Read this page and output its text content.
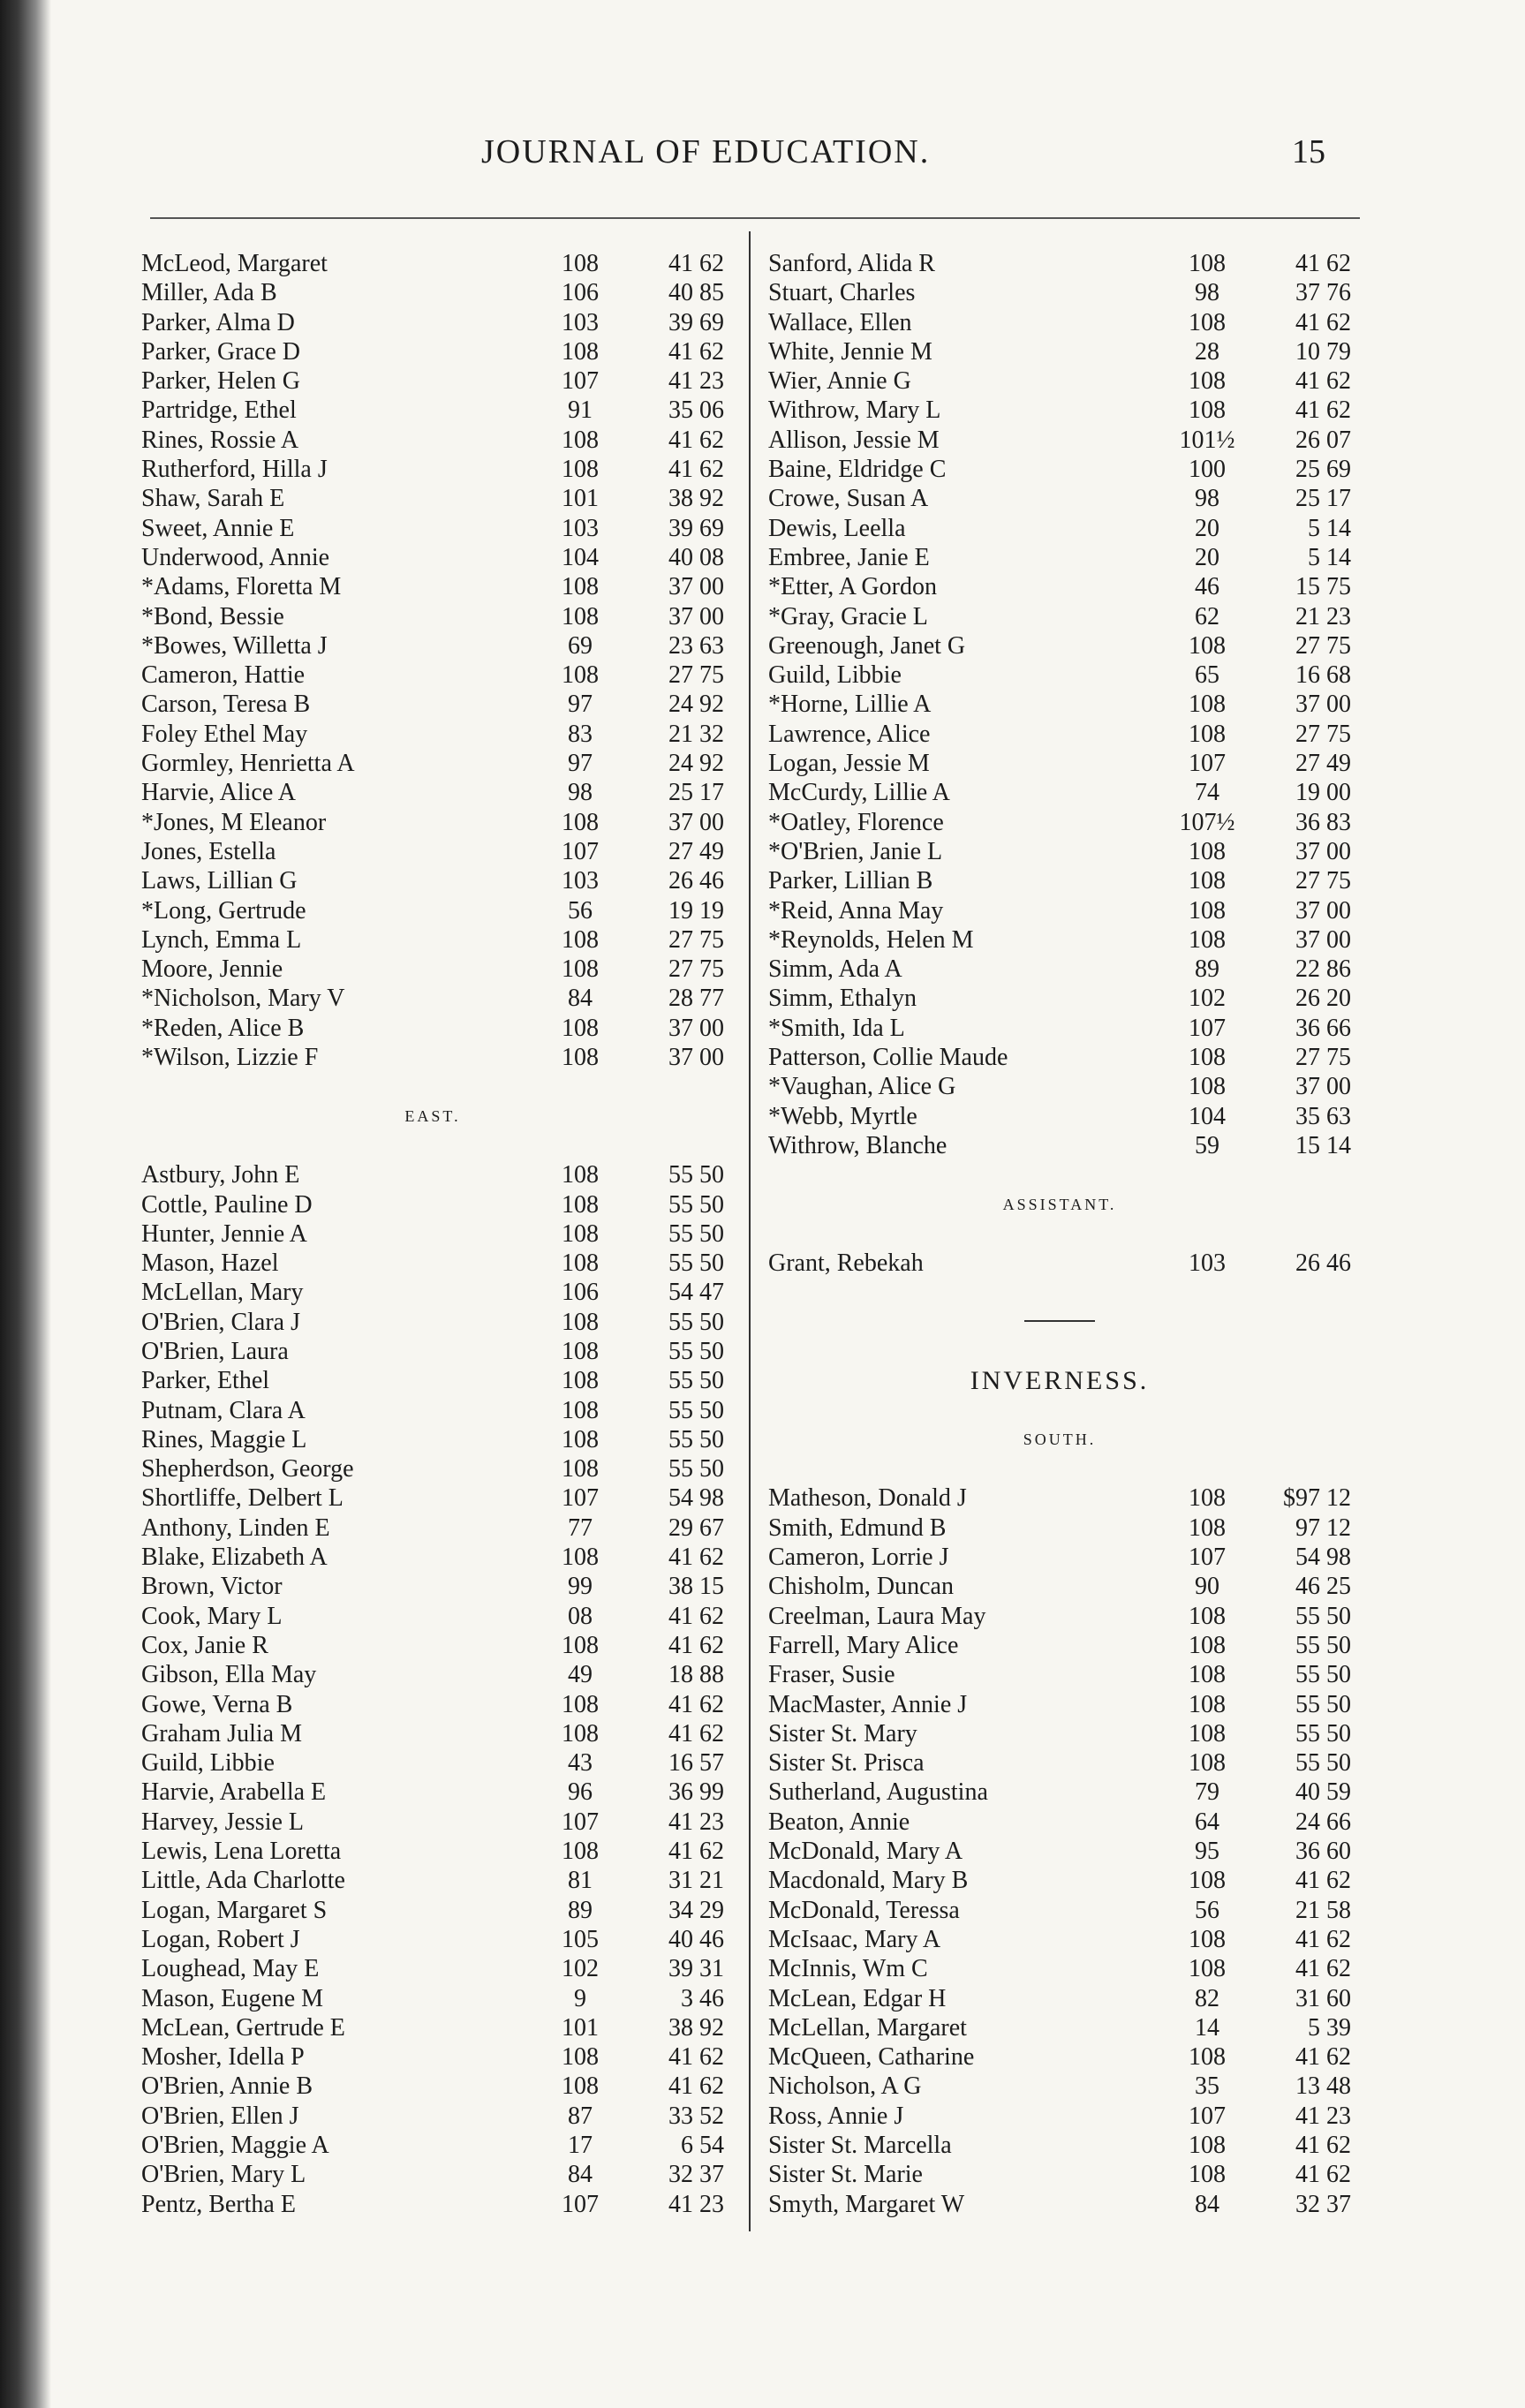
JOURNAL OF EDUCATION.	15
McLeod, Margaret	108	41 62
Miller, Ada B	106	40 85
Parker, Alma D	103	39 69
Parker, Grace D	108	41 62
Parker, Helen G	107	41 23
Partridge, Ethel	91	35 06
Rines, Rossie A	108	41 62
Rutherford, Hilla J	108	41 62
Shaw, Sarah E	101	38 92
Sweet, Annie E	103	39 69
Underwood, Annie	104	40 08
*Adams, Floretta M	108	37 00
*Bond, Bessie	108	37 00
*Bowes, Willetta J	69	23 63
Cameron, Hattie	108	27 75
Carson, Teresa B	97	24 92
Foley Ethel May	83	21 32
Gormley, Henrietta A	97	24 92
Harvie, Alice A	98	25 17
*Jones, M Eleanor	108	37 00
Jones, Estella	107	27 49
Laws, Lillian G	103	26 46
*Long, Gertrude	56	19 19
Lynch, Emma L	108	27 75
Moore, Jennie	108	27 75
*Nicholson, Mary V	84	28 77
*Reden, Alice B	108	37 00
*Wilson, Lizzie F	108	37 00
EAST.
Astbury, John E	108	55 50
Cottle, Pauline D	108	55 50
Hunter, Jennie A	108	55 50
Mason, Hazel	108	55 50
McLellan, Mary	106	54 47
O'Brien, Clara J	108	55 50
O'Brien, Laura	108	55 50
Parker, Ethel	108	55 50
Putnam, Clara A	108	55 50
Rines, Maggie L	108	55 50
Shepherdson, George	108	55 50
Shortliffe, Delbert L	107	54 98
Anthony, Linden E	77	29 67
Blake, Elizabeth A	108	41 62
Brown, Victor	99	38 15
Cook, Mary L	08	41 62
Cox, Janie R	108	41 62
Gibson, Ella May	49	18 88
Gowe, Verna B	108	41 62
Graham Julia M	108	41 62
Guild, Libbie	43	16 57
Harvie, Arabella E	96	36 99
Harvey, Jessie L	107	41 23
Lewis, Lena Loretta	108	41 62
Little, Ada Charlotte	81	31 21
Logan, Margaret S	89	34 29
Logan, Robert J	105	40 46
Loughead, May E	102	39 31
Mason, Eugene M	9	3 46
McLean, Gertrude E	101	38 92
Mosher, Idella P	108	41 62
O'Brien, Annie B	108	41 62
O'Brien, Ellen J	87	33 52
O'Brien, Maggie A	17	6 54
O'Brien, Mary L	84	32 37
Pentz, Bertha E	107	41 23
Sanford, Alida R	108	41 62
Stuart, Charles	98	37 76
Wallace, Ellen	108	41 62
White, Jennie M	28	10 79
Wier, Annie G	108	41 62
Withrow, Mary L	108	41 62
Allison, Jessie M	101½	26 07
Baine, Eldridge C	100	25 69
Crowe, Susan A	98	25 17
Dewis, Leella	20	5 14
Embree, Janie E	20	5 14
*Etter, A Gordon	46	15 75
*Gray, Gracie L	62	21 23
Greenough, Janet G	108	27 75
Guild, Libbie	65	16 68
*Horne, Lillie A	108	37 00
Lawrence, Alice	108	27 75
Logan, Jessie M	107	27 49
McCurdy, Lillie A	74	19 00
*Oatley, Florence	107½	36 83
*O'Brien, Janie L	108	37 00
Parker, Lillian B	108	27 75
*Reid, Anna May	108	37 00
*Reynolds, Helen M	108	37 00
Simm, Ada A	89	22 86
Simm, Ethalyn	102	26 20
*Smith, Ida L	107	36 66
Patterson, Collie Maude	108	27 75
*Vaughan, Alice G	108	37 00
*Webb, Myrtle	104	35 63
Withrow, Blanche	59	15 14
ASSISTANT.
Grant, Rebekah	103	26 46
INVERNESS.
SOUTH.
Matheson, Donald J	108	$97 12
Smith, Edmund B	108	97 12
Cameron, Lorrie J	107	54 98
Chisholm, Duncan	90	46 25
Creelman, Laura May	108	55 50
Farrell, Mary Alice	108	55 50
Fraser, Susie	108	55 50
MacMaster, Annie J	108	55 50
Sister St. Mary	108	55 50
Sister St. Prisca	108	55 50
Sutherland, Augustina	79	40 59
Beaton, Annie	64	24 66
McDonald, Mary A	95	36 60
Macdonald, Mary B	108	41 62
McDonald, Teressa	56	21 58
McIsaac, Mary A	108	41 62
McInnis, Wm C	108	41 62
McLean, Edgar H	82	31 60
McLellan, Margaret	14	5 39
McQueen, Catharine	108	41 62
Nicholson, A G	35	13 48
Ross, Annie J	107	41 23
Sister St. Marcella	108	41 62
Sister St. Marie	108	41 62
Smyth, Margaret W	84	32 37
